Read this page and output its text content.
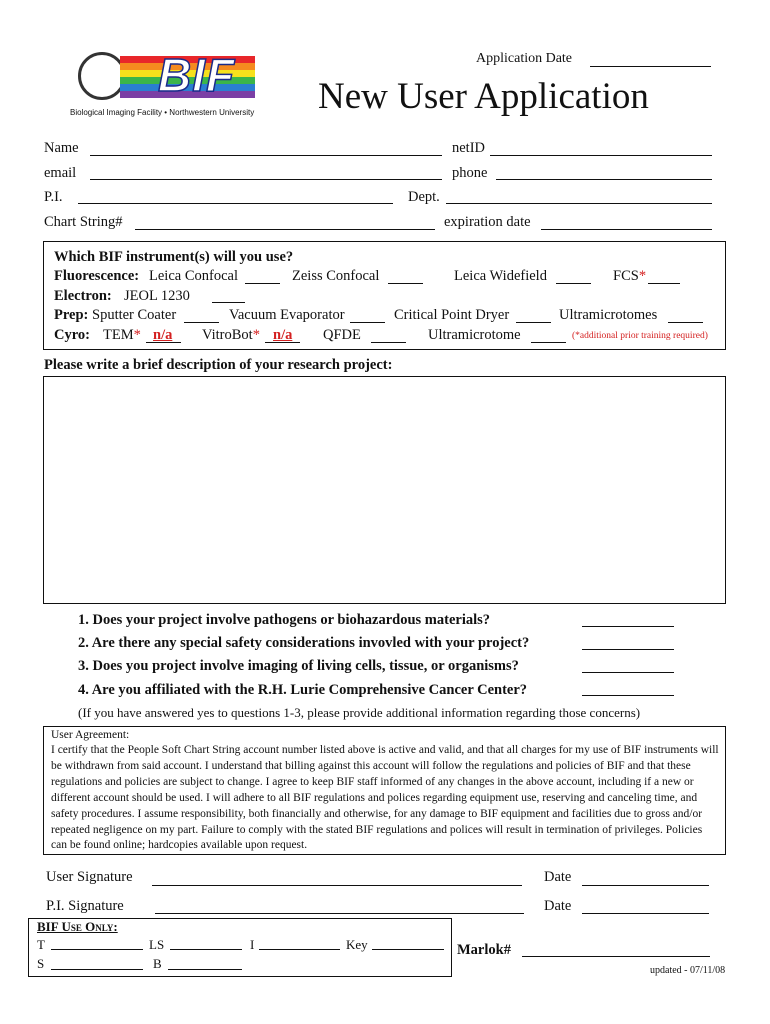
BIF
Biological Imaging Facility • Northwestern University
Application Date
New User Application
Name	netID
email	phone
P.I.	Dept.
Chart String#	expiration date
Which BIF instrument(s) will you use?
Fluorescence: Leica Confocal	Zeiss Confocal	Leica Widefield	FCS*
Electron: JEOL 1230
Prep: Sputter Coater	Vacuum Evaporator	Critical Point Dryer	Ultramicrotomes
Cyro: TEM* n/a VitroBot* n/a QFDE	Ultramicrotome	(*additional prior training required)
Please write a brief description of your research project:
1. Does your project involve pathogens or biohazardous materials?
2. Are there any special safety considerations invovled with your project?
3. Does you project involve imaging of living cells, tissue, or organisms?
4. Are you affiliated with the R.H. Lurie Comprehensive Cancer Center?
(If you have answered yes to questions 1-3, please provide additional information regarding those concerns)
User Agreement:
I certify that the People Soft Chart String account number listed above is active and valid, and that all charges for my use of BIF instruments will be withdrawn from said account. I understand that billing against this account will follow the regulations and policies of BIF and that these regulations and policies are subject to change. I agree to keep BIF staff informed of any changes in the above account, including if a new or different account should be used. I will adhere to all BIF regulations and polices regarding equipment use, reserving and canceling time, and safety procedures. I assume responsibility, both financially and otherwise, for any damage to BIF equipment and facilities due to gross and/or repeated negligence on my part. Failure to comply with the stated BIF regulations and polices will result in termination of privileges. Policies can be found online; hardcopies available upon request.
User Signature	Date
P.I. Signature	Date
BIF Use Only:
T	LS	I	Key
S	B
Marlok#
updated - 07/11/08
